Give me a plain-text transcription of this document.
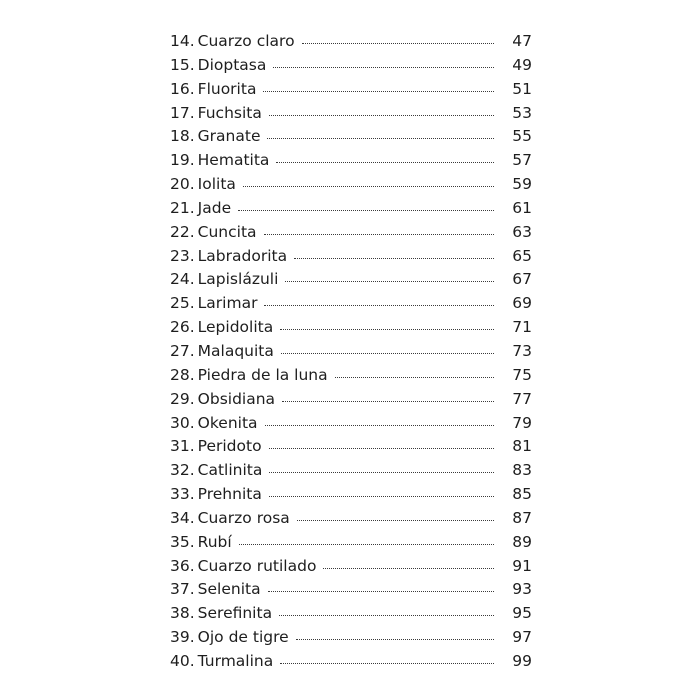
14. Cuarzo claro	47
15. Dioptasa	49
16. Fluorita	51
17. Fuchsita	53
18. Granate	55
19. Hematita	57
20. Iolita	59
21. Jade	61
22. Cuncita	63
23. Labradorita	65
24. Lapislázuli	67
25. Larimar	69
26. Lepidolita	71
27. Malaquita	73
28. Piedra de la luna	75
29. Obsidiana	77
30. Okenita	79
31. Peridoto	81
32. Catlinita	83
33. Prehnita	85
34. Cuarzo rosa	87
35. Rubí	89
36. Cuarzo rutilado	91
37. Selenita	93
38. Serefinita	95
39. Ojo de tigre	97
40. Turmalina	99
